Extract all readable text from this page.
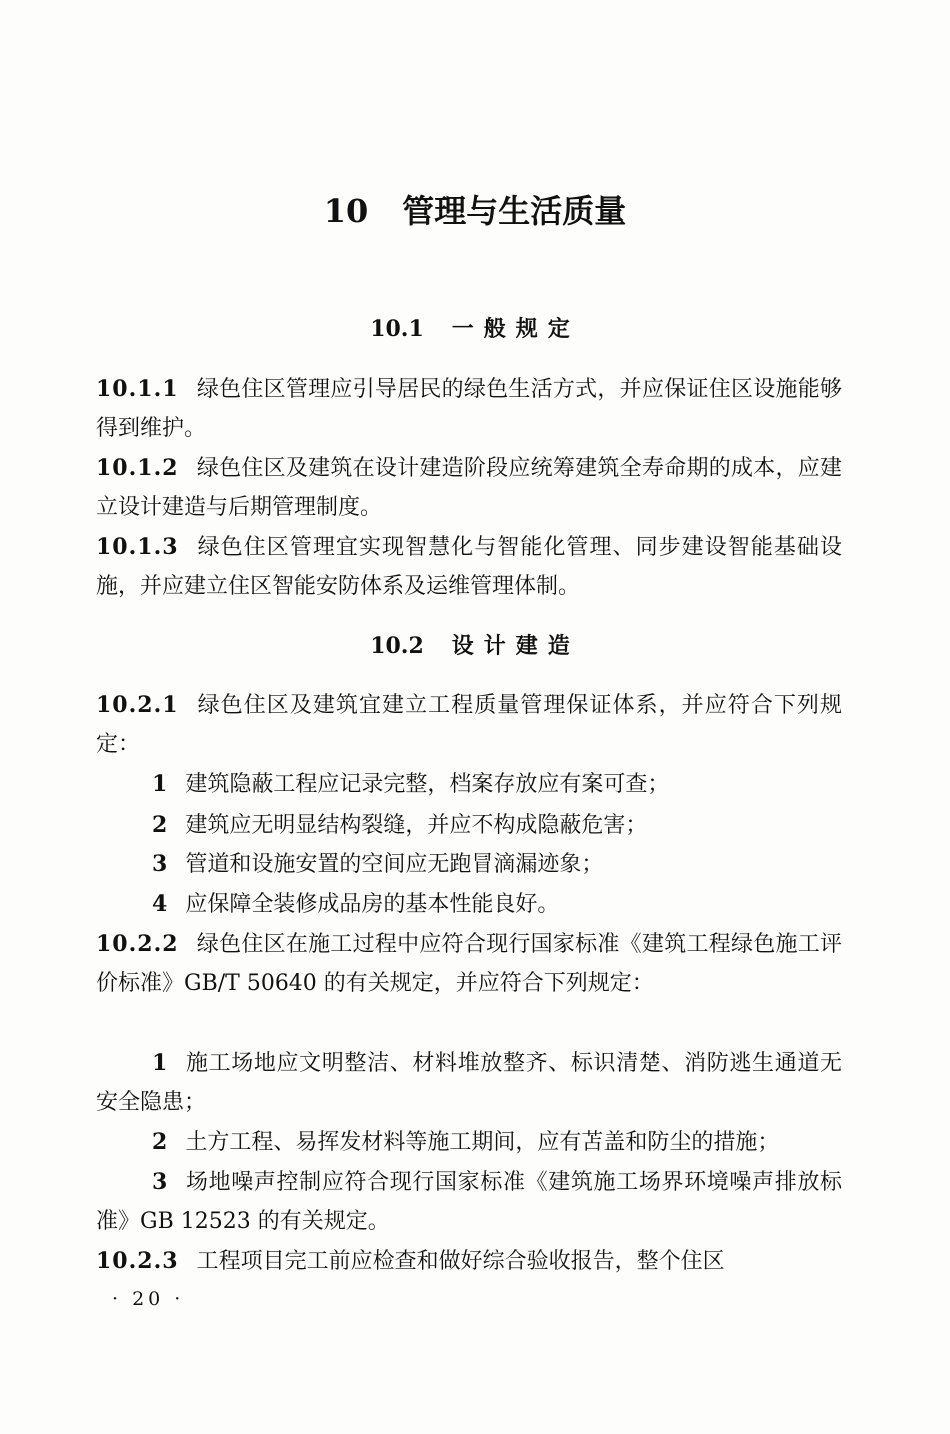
10 管理与生活质量
10.1 一般规定

10.1.1 绿色住区管理应引导居民的绿色生活方式，并应保证住区设施能够得到维护。

10.1.2 绿色住区及建筑在设计建造阶段应统筹建筑全寿命期的成本，应建立设计建造与后期管理制度。

10.1.3 绿色住区管理宜实现智慧化与智能化管理、同步建设智能基础设施，并应建立住区智能安防体系及运维管理体制。

10.2 设计建造

10.2.1 绿色住区及建筑宜建立工程质量管理保证体系，并应符合下列规定：

1 建筑隐蔽工程应记录完整，档案存放应有案可查；

2 建筑应无明显结构裂缝，并应不构成隐蔽危害；

3 管道和设施安置的空间应无跑冒滴漏迹象；

4 应保障全装修成品房的基本性能良好。

10.2.2 绿色住区在施工过程中应符合现行国家标准《建筑工程绿色施工评价标准》GB/T 50640 的有关规定，并应符合下列规定：

1 施工场地应文明整洁、材料堆放整齐、标识清楚、消防逃生通道无安全隐患；

2 土方工程、易挥发材料等施工期间，应有苫盖和防尘的措施；

3 场地噪声控制应符合现行国家标准《建筑施工场界环境噪声排放标准》GB 12523 的有关规定。

10.2.3 工程项目完工前应检查和做好综合验收报告，整个住区

· 20 ·
